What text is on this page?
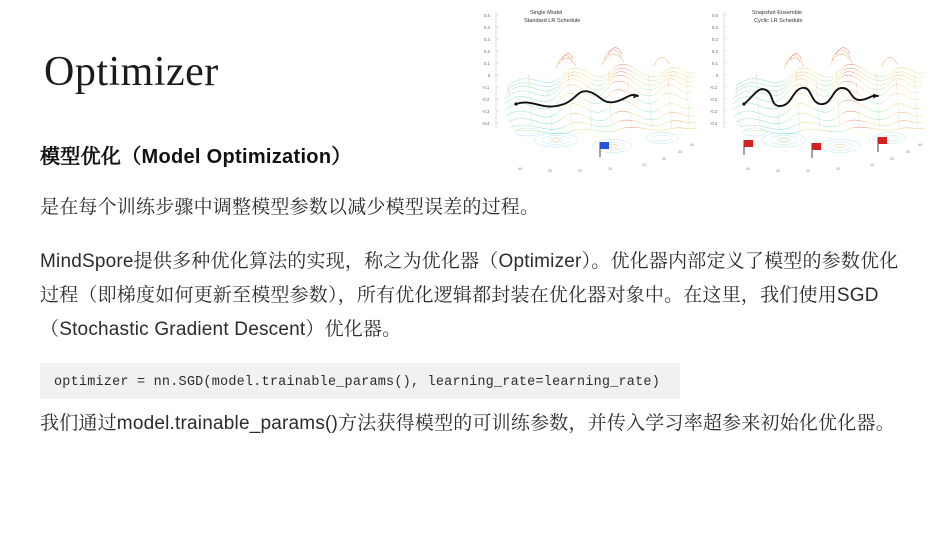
Optimizer
0.5
0.4
0.3
0.2
0.1
0
-0.1
-0.2
-0.3
-0.4
Single Model
Standard LR Schedule
40	30	20	10
10
20
30
40
0.5
0.4
0.3
0.2
0.1
0
-0.1
-0.2
-0.3
-0.4
Snapshot Ensemble
Cyclic LR Schedule
40	30	20	10
10
20
30
40
模型优化（Model Optimization）

是在每个训练步骤中调整模型参数以减少模型误差的过程。

MindSpore提供多种优化算法的实现，称之为优化器（Optimizer）。优化器内部定义了模型的参数优化过程（即梯度如何更新至模型参数），所有优化逻辑都封装在优化器对象中。在这里，我们使用SGD（Stochastic Gradient Descent）优化器。

optimizer = nn.SGD(model.trainable_params(), learning_rate=learning_rate)

我们通过model.trainable_params()方法获得模型的可训练参数，并传入学习率超参来初始化优化器。
